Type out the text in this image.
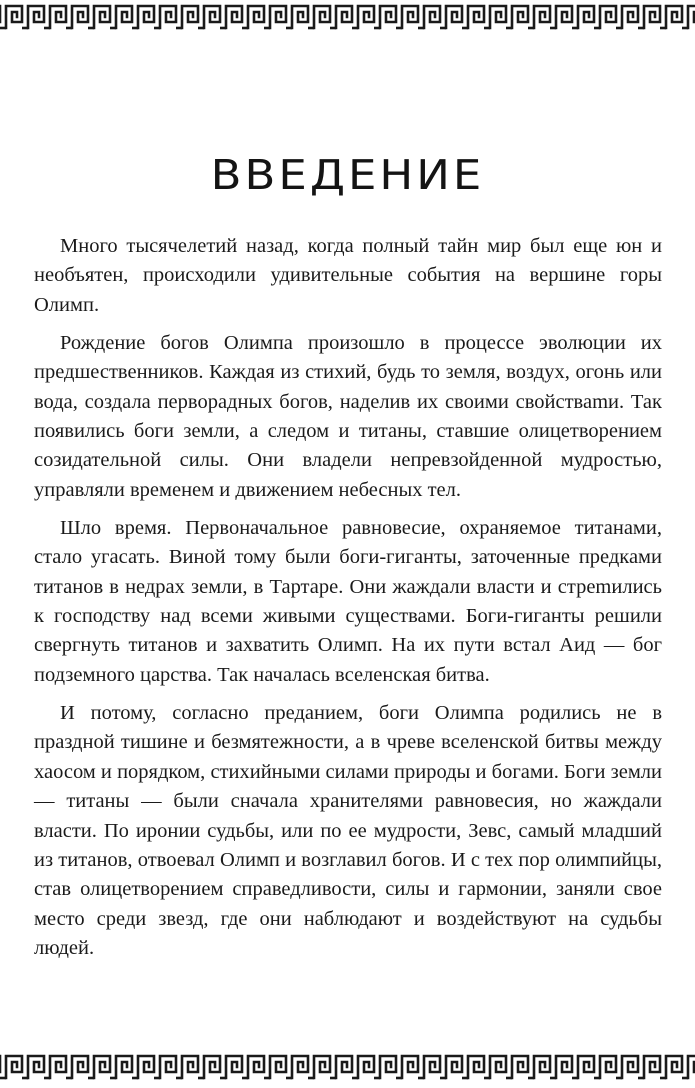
ВВЕДЕНИЕ

Много тысячелетий назад, когда полный тайн мир был еще юн и необъятен, происходили удивительные события на вершине горы Олимп.

Рождение богов Олимпа произошло в процессе эволюции их предшественников. Каждая из стихий, будь то земля, воздух, огонь или вода, создала перворадных богов, наделив их своими свойстваmи. Так появились боги земли, а следом и титаны, ставшие олицетворением созидательной силы. Они владели непревзойденной мудростью, управляли временем и движением небесных тел.

Шло время. Первоначальное равновесие, охраняемое титанами, стало угасать. Виной тому были боги-гиганты, заточенные предками титанов в недрах земли, в Тартаре. Они жаждали власти и стреmились к господству над всеми живыми существами. Боги-гиганты решили свергнуть титанов и захватить Олимп. На их пути встал Аид — бог подземного царства. Так началась вселенская битва.

И потому, согласно преданием, боги Олимпа родились не в праздной тишине и безмятежности, а в чреве вселенской битвы между хаосом и порядком, стихийными силами природы и богами. Боги земли — титаны — были сначала хранителями равновесия, но жаждали власти. По иронии судьбы, или по ее мудрости, Зевс, самый младший из титанов, отвоевал Олимп и возглавил богов. И с тех пор олимпийцы, став олицетворением справедливости, силы и гармонии, заняли свое место среди звезд, где они наблюдают и воздействуют на судьбы людей.
